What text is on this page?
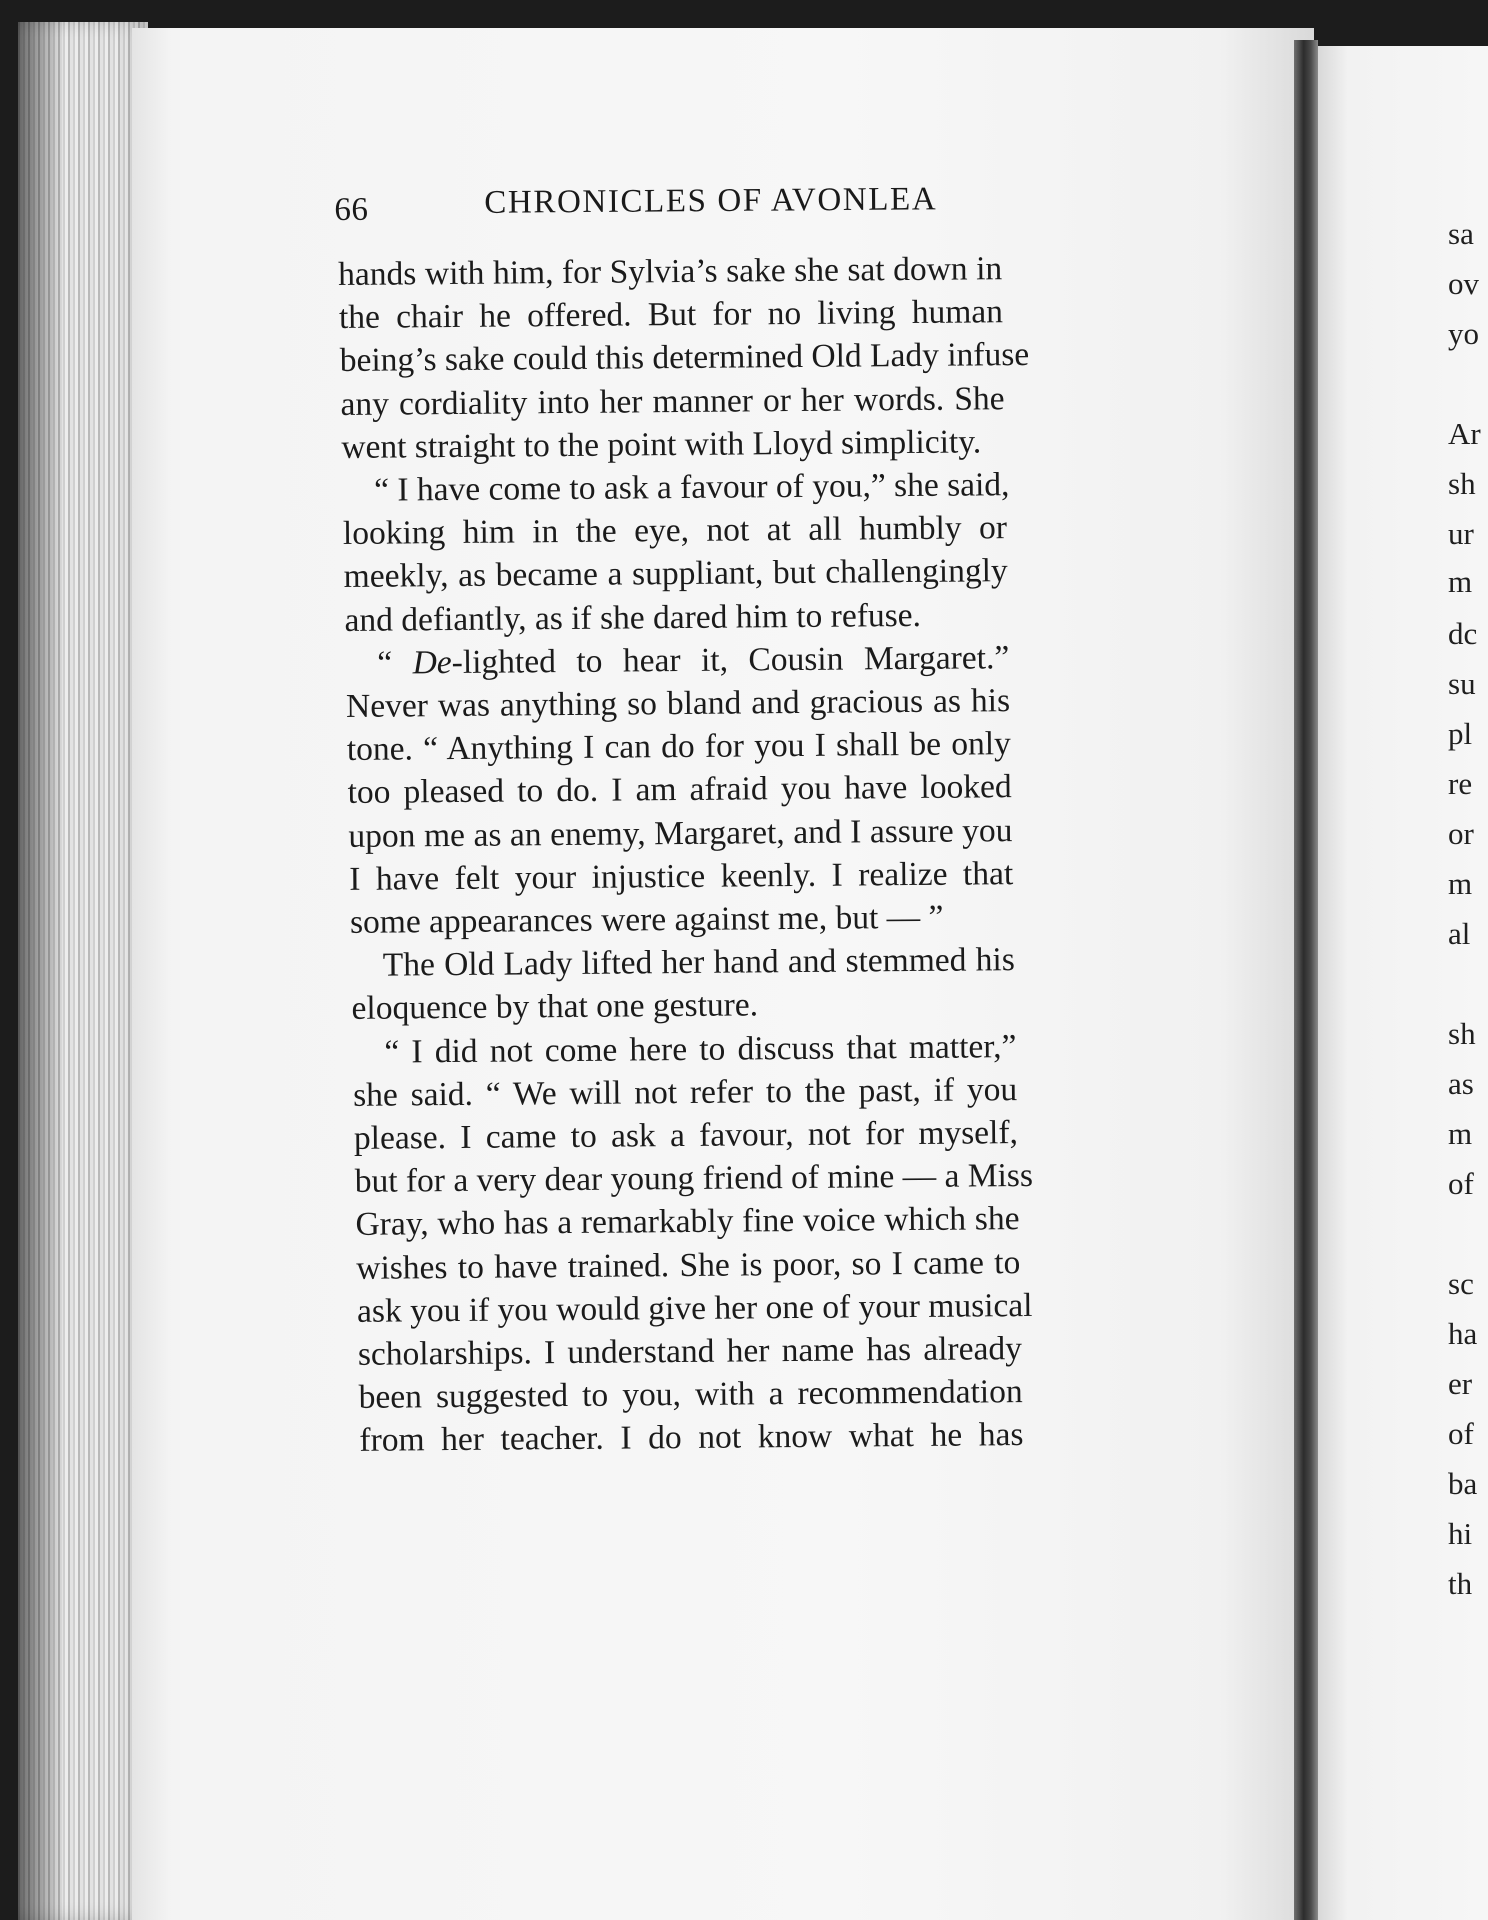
sa
ov
yo
Ar
sh
ur
m
dc
su
pl
re
or
m
al
sh
as
m
of
sc
ha
er
of
ba
hi
th
66	CHRONICLES OF AVONLEA
hands with him, for Sylvia’s sake she sat down in
the chair he offered. But for no living human
being’s sake could this determined Old Lady infuse
any cordiality into her manner or her words. She
went straight to the point with Lloyd simplicity.
“ I have come to ask a favour of you,” she said,
looking him in the eye, not at all humbly or
meekly, as became a suppliant, but challengingly
and defiantly, as if she dared him to refuse.
“ De-lighted to hear it, Cousin Margaret.”
Never was anything so bland and gracious as his
tone. “ Anything I can do for you I shall be only
too pleased to do. I am afraid you have looked
upon me as an enemy, Margaret, and I assure you
I have felt your injustice keenly. I realize that
some appearances were against me, but — ”
The Old Lady lifted her hand and stemmed his
eloquence by that one gesture.
“ I did not come here to discuss that matter,”
she said. “ We will not refer to the past, if you
please. I came to ask a favour, not for myself,
but for a very dear young friend of mine — a Miss
Gray, who has a remarkably fine voice which she
wishes to have trained. She is poor, so I came to
ask you if you would give her one of your musical
scholarships. I understand her name has already
been suggested to you, with a recommendation
from her teacher. I do not know what he has
